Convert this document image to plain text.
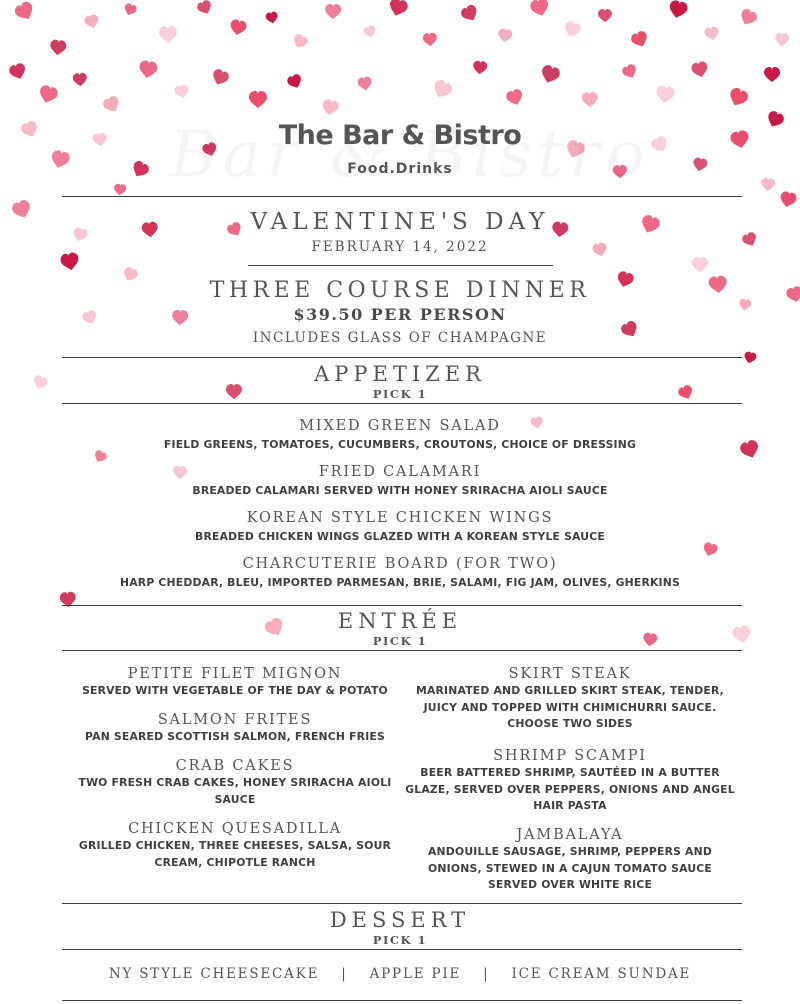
The Bar & Bistro
Food.Drinks
VALENTINE'S DAY
FEBRUARY 14, 2022
THREE COURSE DINNER
$39.50 PER PERSON
INCLUDES GLASS OF CHAMPAGNE
APPETIZER
PICK 1
MIXED GREEN SALAD
FIELD GREENS, TOMATOES, CUCUMBERS, CROUTONS, CHOICE OF DRESSING
FRIED CALAMARI
BREADED CALAMARI SERVED WITH HONEY SRIRACHA AIOLI SAUCE
KOREAN STYLE CHICKEN WINGS
BREADED CHICKEN WINGS GLAZED WITH A KOREAN STYLE SAUCE
CHARCUTERIE BOARD (FOR TWO)
HARP CHEDDAR, BLEU, IMPORTED PARMESAN, BRIE, SALAMI, FIG JAM, OLIVES, GHERKINS
ENTRÉE
PICK 1
PETITE FILET MIGNON
SERVED WITH VEGETABLE OF THE DAY & POTATO
SALMON FRITES
PAN SEARED SCOTTISH SALMON, FRENCH FRIES
CRAB CAKES
TWO FRESH CRAB CAKES, HONEY SRIRACHA AIOLI SAUCE
CHICKEN QUESADILLA
GRILLED CHICKEN, THREE CHEESES, SALSA, SOUR CREAM, CHIPOTLE RANCH
SKIRT STEAK
MARINATED AND GRILLED SKIRT STEAK, TENDER, JUICY AND TOPPED WITH CHIMICHURRI SAUCE. CHOOSE TWO SIDES
SHRIMP SCAMPI
BEER BATTERED SHRIMP, SAUTÉED IN A BUTTER GLAZE, SERVED OVER PEPPERS, ONIONS AND ANGEL HAIR PASTA
JAMBALAYA
ANDOUILLE SAUSAGE, SHRIMP, PEPPERS AND ONIONS, STEWED IN A CAJUN TOMATO SAUCE SERVED OVER WHITE RICE
DESSERT
PICK 1
NY STYLE CHEESECAKE | APPLE PIE | ICE CREAM SUNDAE
